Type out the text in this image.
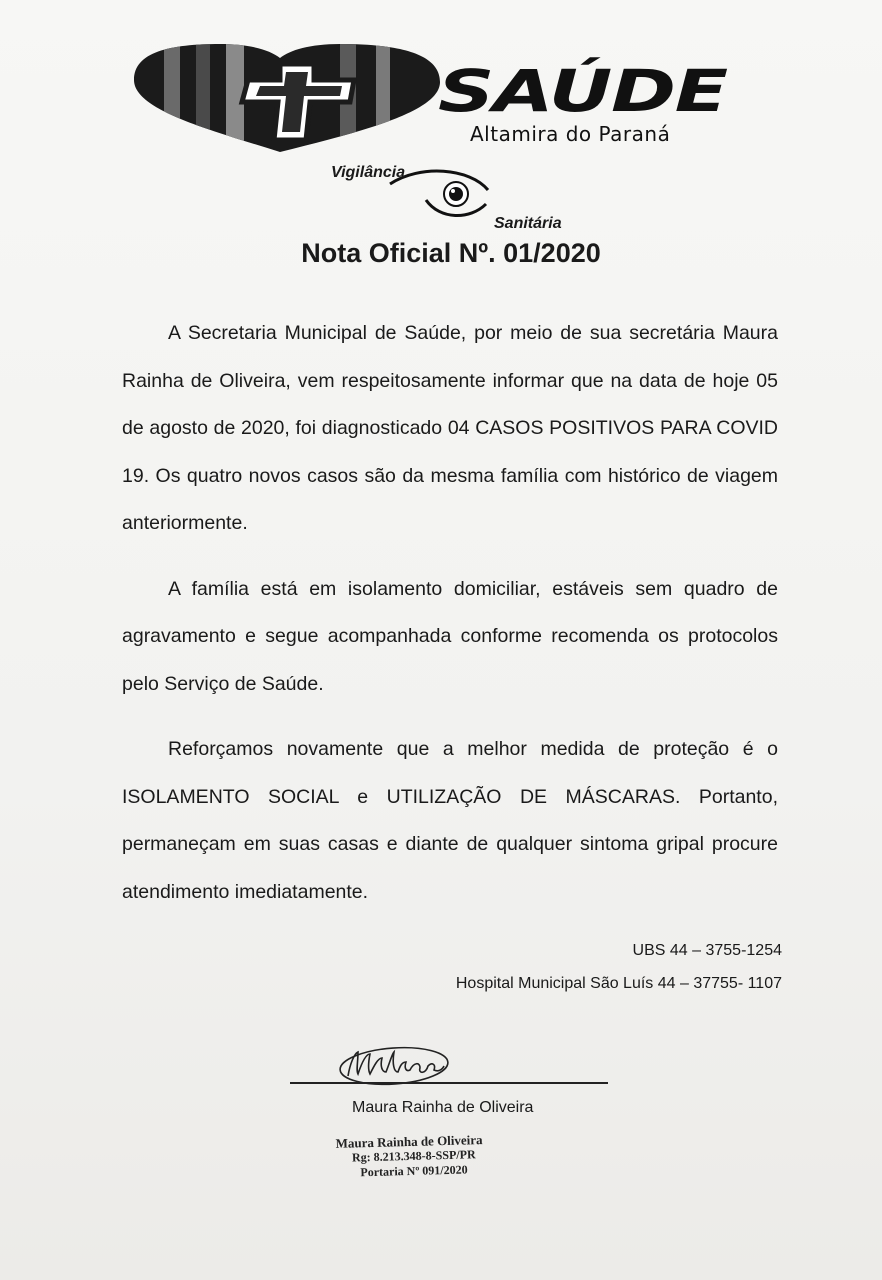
SAÚDE
Altamira do Paraná
Vigilância
Sanitária
Nota Oficial Nº. 01/2020

A Secretaria Municipal de Saúde, por meio de sua secretária Maura Rainha de Oliveira, vem respeitosamente informar que na data de hoje 05 de agosto de 2020, foi diagnosticado 04 CASOS POSITIVOS PARA COVID 19. Os quatro novos casos são da mesma família com histórico de viagem anteriormente.

A família está em isolamento domiciliar, estáveis sem quadro de agravamento e segue acompanhada conforme recomenda os protocolos pelo Serviço de Saúde.

Reforçamos novamente que a melhor medida de proteção é o ISOLAMENTO SOCIAL e UTILIZAÇÃO DE MÁSCARAS. Portanto, permaneçam em suas casas e diante de qualquer sintoma gripal procure atendimento imediatamente.

UBS 44 – 3755-1254
Hospital Municipal São Luís 44 – 37755- 1107
Maura Rainha de Oliveira
Maura Rainha de Oliveira
Rg: 8.213.348-8-SSP/PR
Portaria Nº 091/2020
